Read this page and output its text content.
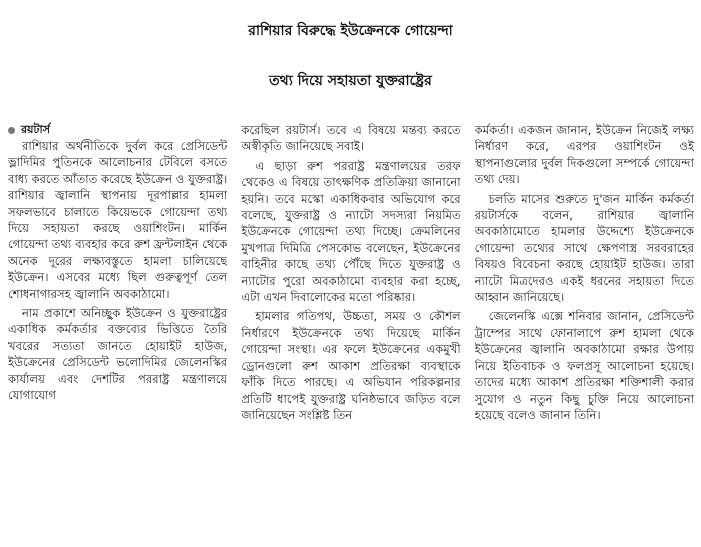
রাশিয়ার বিরুদ্ধে ইউক্রেনকে গোয়েন্দা
তথ্য দিয়ে সহায়তা যুক্তরাষ্ট্রের
রয়টার্স

রাশিয়ার অর্থনীতিকে দুর্বল করে প্রেসিডেন্ট ভ্লাদিমির পুতিনকে আলোচনার টেবিলে বসতে বাধ্য করতে আঁতাত করেছে ইউক্রেন ও যুক্তরাষ্ট্র। রাশিয়ার জ্বালানি স্থাপনায় দূরপাল্লার হামলা সফলভাবে চালাতে কিয়েভকে গোয়েন্দা তথ্য দিয়ে সহায়তা করছে ওয়াশিংটন। মার্কিন গোয়েন্দা তথ্য ব্যবহার করে রুশ ফ্রন্টলাইন থেকে অনেক দূরের লক্ষ্যবস্তুতে হামলা চালিয়েছে ইউক্রেন। এসবের মধ্যে ছিল গুরুত্বপূর্ণ তেল শোধনাগারসহ জ্বালানি অবকাঠামো।

নাম প্রকাশে অনিচ্ছুক ইউক্রেন ও যুক্তরাষ্ট্রের একাধিক কর্মকর্তার বক্তব্যের ভিত্তিতে তৈরি খবরের সত্যতা জানতে হোয়াইট হাউজ, ইউক্রেনের প্রেসিডেন্ট ভলোদিমির জেলেনস্কির কার্যালয় এবং দেশটির পররাষ্ট্র মন্ত্রণালয়ে যোগাযোগ

করেছিল রয়টার্স। তবে এ বিষয়ে মন্তব্য করতে অস্বীকৃতি জানিয়েছে সবাই।

এ ছাড়া রুশ পররাষ্ট্র মন্ত্রণালয়ের তরফ থেকেও এ বিষয়ে তাৎক্ষণিক প্রতিক্রিয়া জানানো হয়নি। তবে মস্কো একাধিকবার অভিযোগ করে বলেছে, যুক্তরাষ্ট্র ও ন্যাটো সদস্যরা নিয়মিত ইউক্রেনকে গোয়েন্দা তথ্য দিচ্ছে। ক্রেমলিনের মুখপাত্র দিমিত্রি পেসকোভ বলেছেন, ইউক্রেনের বাহিনীর কাছে তথ্য পৌঁছে দিতে যুক্তরাষ্ট্র ও ন্যাটোর পুরো অবকাঠামো ব্যবহার করা হচ্ছে, এটা এখন দিবালোকের মতো পরিষ্কার।

হামলার গতিপথ, উচ্চতা, সময় ও কৌশল নির্ধারণে ইউক্রেনকে তথ্য দিয়েছে মার্কিন গোয়েন্দা সংস্থা। এর ফলে ইউক্রেনের একমুখী ড্রোনগুলো রুশ আকাশ প্রতিরক্ষা ব্যবস্থাকে ফাঁকি দিতে পারছে। এ অভিযান পরিকল্পনার প্রতিটি ধাপেই যুক্তরাষ্ট্র ঘনিষ্ঠভাবে জড়িত বলে জানিয়েছেন সংশ্লিষ্ট তিন

কর্মকর্তা। একজন জানান, ইউক্রেন নিজেই লক্ষ্য নির্ধারণ করে, এরপর ওয়াশিংটন ওই স্থাপনাগুলোর দুর্বল দিকগুলো সম্পর্কে গোয়েন্দা তথ্য দেয়।

চলতি মাসের শুরুতে দু'জন মার্কিন কর্মকর্তা রয়টার্সকে বলেন, রাশিয়ার জ্বালানি অবকাঠামোতে হামলার উদ্দেশ্যে ইউক্রেনকে গোয়েন্দা তথ্যের সাথে ক্ষেপণাস্ত্র সরবরাহের বিষয়ও বিবেচনা করছে হোয়াইট হাউজ। তারা ন্যাটো মিত্রদেরও একই ধরনের সহায়তা দিতে আহ্বান জানিয়েছে।

জেলেনস্কি এক্সে শনিবার জানান, প্রেসিডেন্ট ট্রাম্পের সাথে ফোনালাপে রুশ হামলা থেকে ইউক্রেনের জ্বালানি অবকাঠামো রক্ষার উপায় নিয়ে ইতিবাচক ও ফলপ্রসূ আলোচনা হয়েছে। তাদের মধ্যে আকাশ প্রতিরক্ষা শক্তিশালী করার সুযোগ ও নতুন কিছু চুক্তি নিয়ে আলোচনা হয়েছে বলেও জানান তিনি।
